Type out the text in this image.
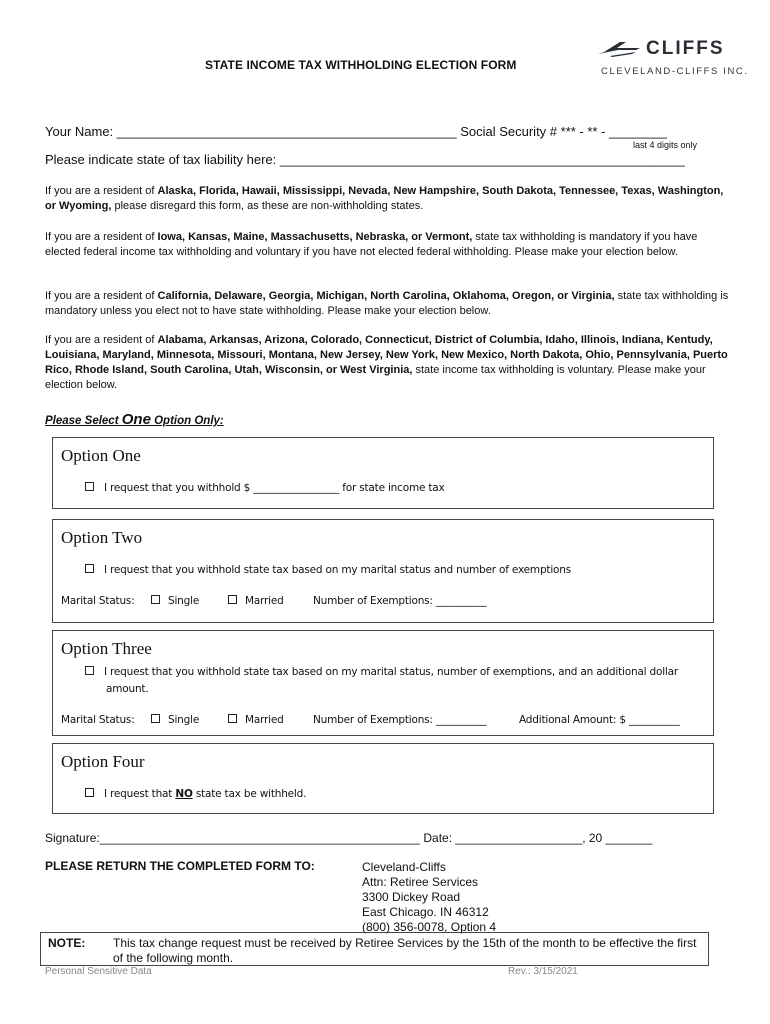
STATE INCOME TAX WITHHOLDING ELECTION FORM
CLIFFS
CLEVELAND-CLIFFS INC.
Your Name: _______________________________________________ Social Security # *** - ** - ________
last 4 digits only
Please indicate state of tax liability here: ________________________________________________________
If you are a resident of Alaska, Florida, Hawaii, Mississippi, Nevada, New Hampshire, South Dakota, Tennessee, Texas, Washington, or Wyoming, please disregard this form, as these are non-withholding states.
If you are a resident of Iowa, Kansas, Maine, Massachusetts, Nebraska, or Vermont, state tax withholding is mandatory if you have elected federal income tax withholding and voluntary if you have not elected federal withholding. Please make your election below.
If you are a resident of California, Delaware, Georgia, Michigan, North Carolina, Oklahoma, Oregon, or Virginia, state tax withholding is mandatory unless you elect not to have state withholding. Please make your election below.
If you are a resident of Alabama, Arkansas, Arizona, Colorado, Connecticut, District of Columbia, Idaho, Illinois, Indiana, Kentudy, Louisiana, Maryland, Minnesota, Missouri, Montana, New Jersey, New York, New Mexico, North Dakota, Ohio, Pennsylvania, Puerto Rico, Rhode Island, South Carolina, Utah, Wisconsin, or West Virginia, state income tax withholding is voluntary. Please make your election below.
Please Select One Option Only:
Option One
I request that you withhold $ _________________ for state income tax
Option Two
I request that you withhold state tax based on my marital status and number of exemptions
Marital Status:	Single	Married	Number of Exemptions: __________
Option Three
I request that you withhold state tax based on my marital status, number of exemptions, and an additional dollar
amount.
Marital Status:	Single	Married	Number of Exemptions: __________	Additional Amount: $ __________
Option Four
I request that NO state tax be withheld.
Signature:________________________________________________ Date: ___________________, 20 _______
PLEASE RETURN THE COMPLETED FORM TO:	Cleveland-Cliffs
Attn: Retiree Services
3300 Dickey Road
East Chicago. IN 46312
(800) 356-0078, Option 4
NOTE: This tax change request must be received by Retiree Services by the 15th of the month to be effective the first of the following month.
Personal Sensitive Data	Rev.: 3/15/2021
